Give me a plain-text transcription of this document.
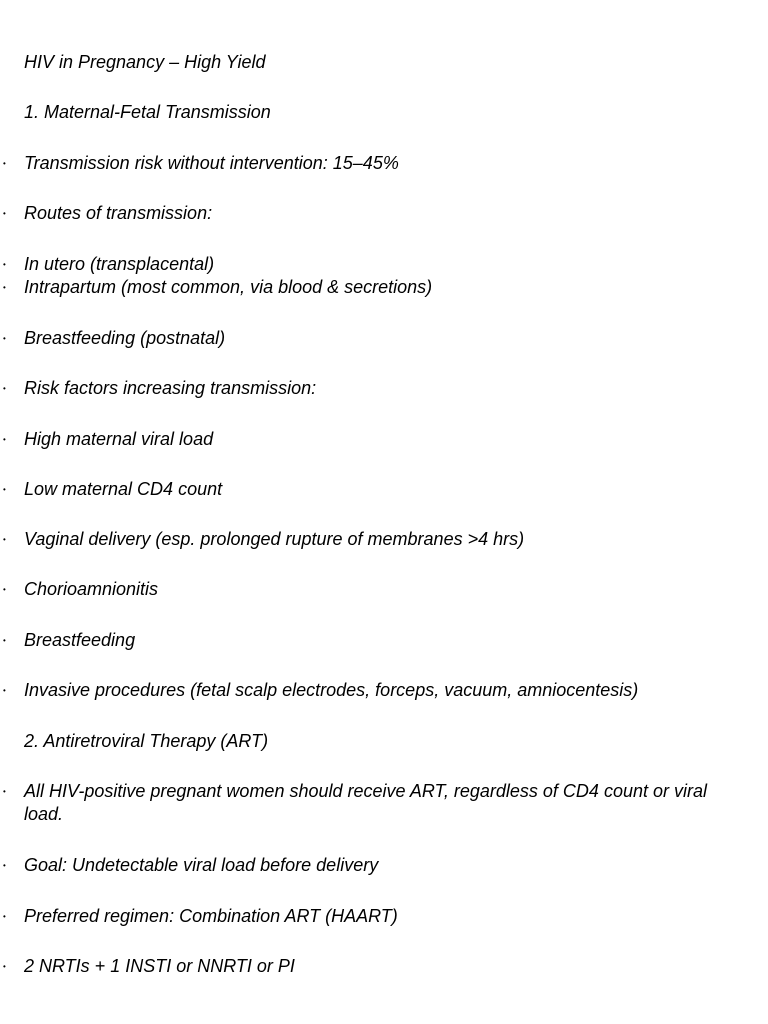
HIV in Pregnancy – High Yield
1. Maternal-Fetal Transmission
• Transmission risk without intervention: 15–45%
• Routes of transmission:
• In utero (transplacental)
• Intrapartum (most common, via blood & secretions)
• Breastfeeding (postnatal)
• Risk factors increasing transmission:
• High maternal viral load
• Low maternal CD4 count
• Vaginal delivery (esp. prolonged rupture of membranes >4 hrs)
• Chorioamnionitis
• Breastfeeding
• Invasive procedures (fetal scalp electrodes, forceps, vacuum, amniocentesis)
2. Antiretroviral Therapy (ART)
• All HIV-positive pregnant women should receive ART, regardless of CD4 count or viral load.
• Goal: Undetectable viral load before delivery
• Preferred regimen: Combination ART (HAART)
• 2 NRTIs + 1 INSTI or NNRTI or PI
